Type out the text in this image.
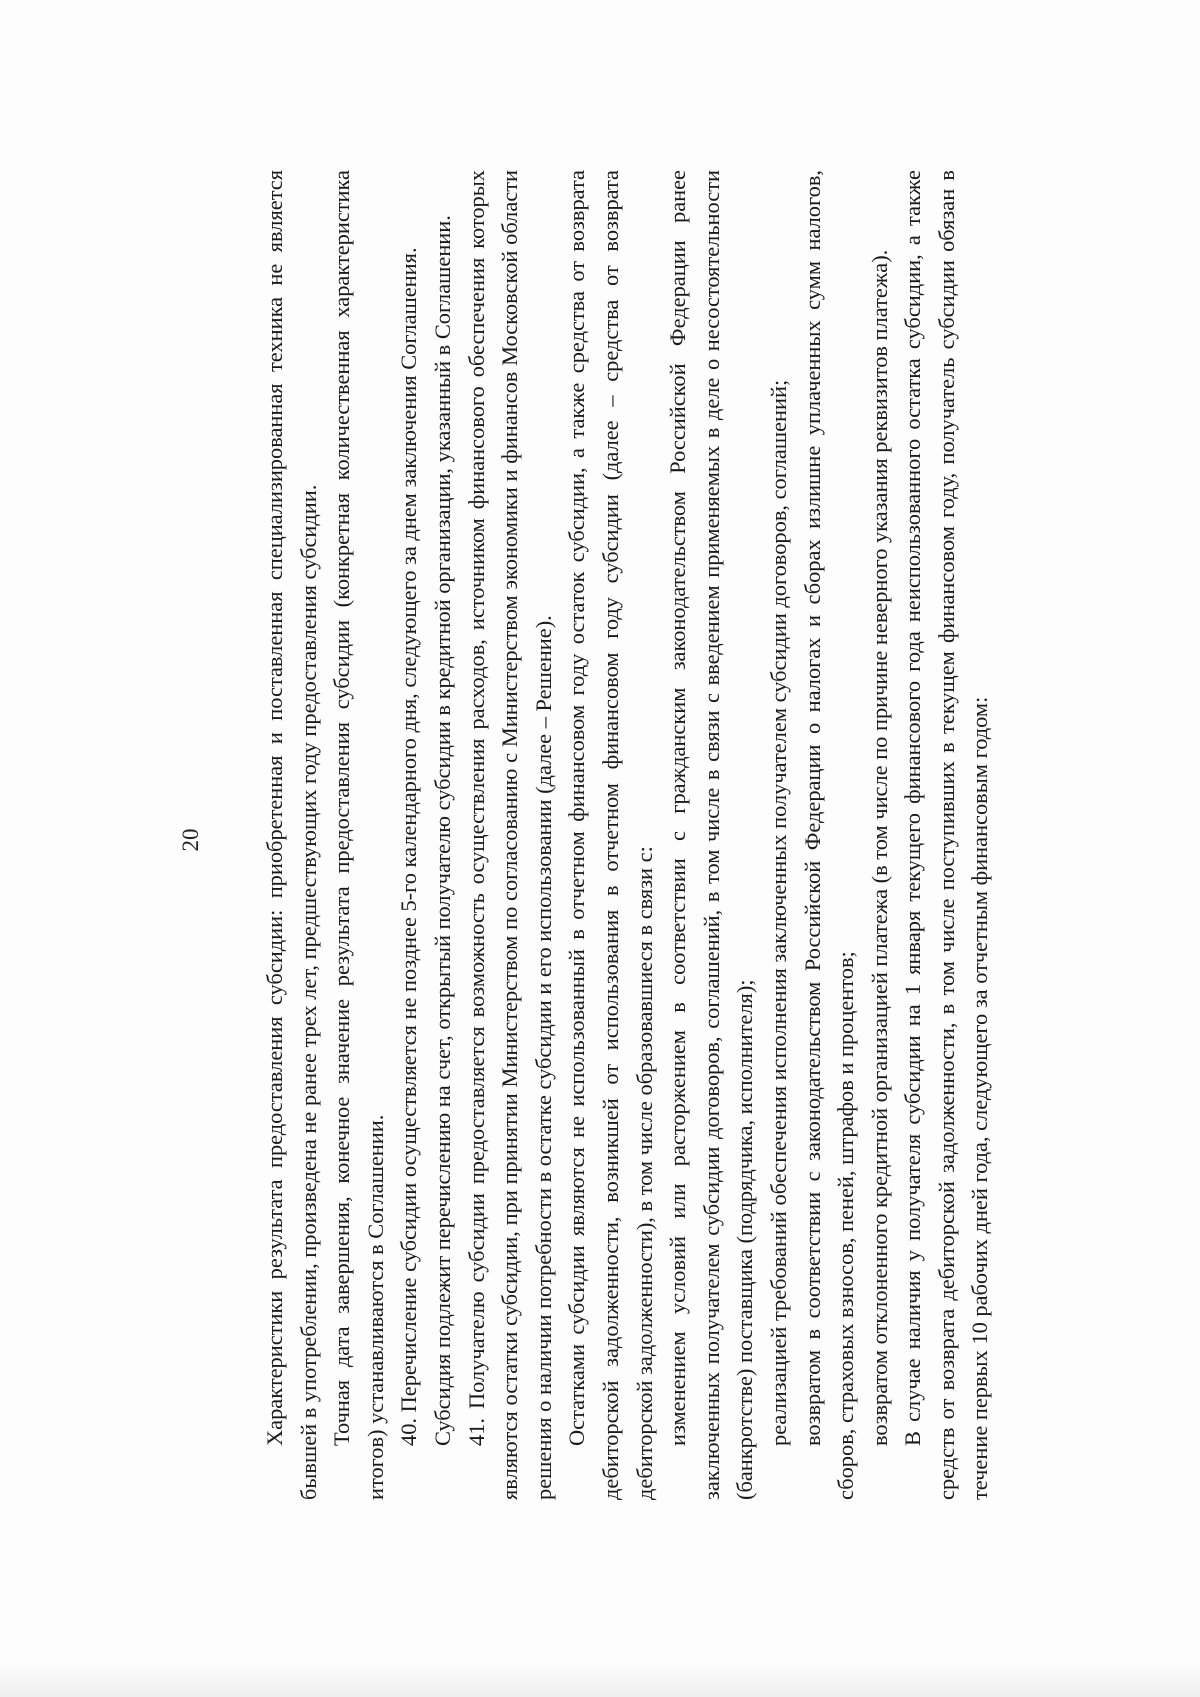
20	Характеристики результата предоставления субсидии: приобретенная и поставленная специализированная техника не является бывшей в употреблении, произведена не ранее трех лет, предшествующих году предоставления субсидии. Точная дата завершения, конечное значение результата предоставления субсидии (конкретная количественная характеристика итогов) устанавливаются в Соглашении. 40. Перечисление субсидии осуществляется не позднее 5-го календарного дня, следующего за днем заключения Соглашения. Субсидия подлежит перечислению на счет, открытый получателю субсидии в кредитной организации, указанный в Соглашении. 41. Получателю субсидии предоставляется возможность осуществления расходов, источником финансового обеспечения которых являются остатки субсидии, при принятии Министерством по согласованию с Министерством экономики и финансов Московской области решения о наличии потребности в остатке субсидии и его использовании (далее – Решение). Остатками субсидии являются не использованный в отчетном финансовом году остаток субсидии, а также средства от возврата дебиторской задолженности, возникшей от использования в отчетном финансовом году субсидии (далее – средства от возврата дебиторской задолженности), в том числе образовавшиеся в связи с: изменением условий или расторжением в соответствии с гражданским законодательством Российской Федерации ранее заключенных получателем субсидии договоров, соглашений, в том числе в связи с введением применяемых в деле о несостоятельности (банкротстве) поставщика (подрядчика, исполнителя); реализацией требований обеспечения исполнения заключенных получателем субсидии договоров, соглашений; возвратом в соответствии с законодательством Российской Федерации о налогах и сборах излишне уплаченных сумм налогов, сборов, страховых взносов, пеней, штрафов и процентов; возвратом отклоненного кредитной организацией платежа (в том числе по причине неверного указания реквизитов платежа). В случае наличия у получателя субсидии на 1 января текущего финансового года неиспользованного остатка субсидии, а также средств от возврата дебиторской задолженности, в том числе поступивших в текущем финансовом году, получатель субсидии обязан в течение первых 10 рабочих дней года, следующего за отчетным финансовым годом:
